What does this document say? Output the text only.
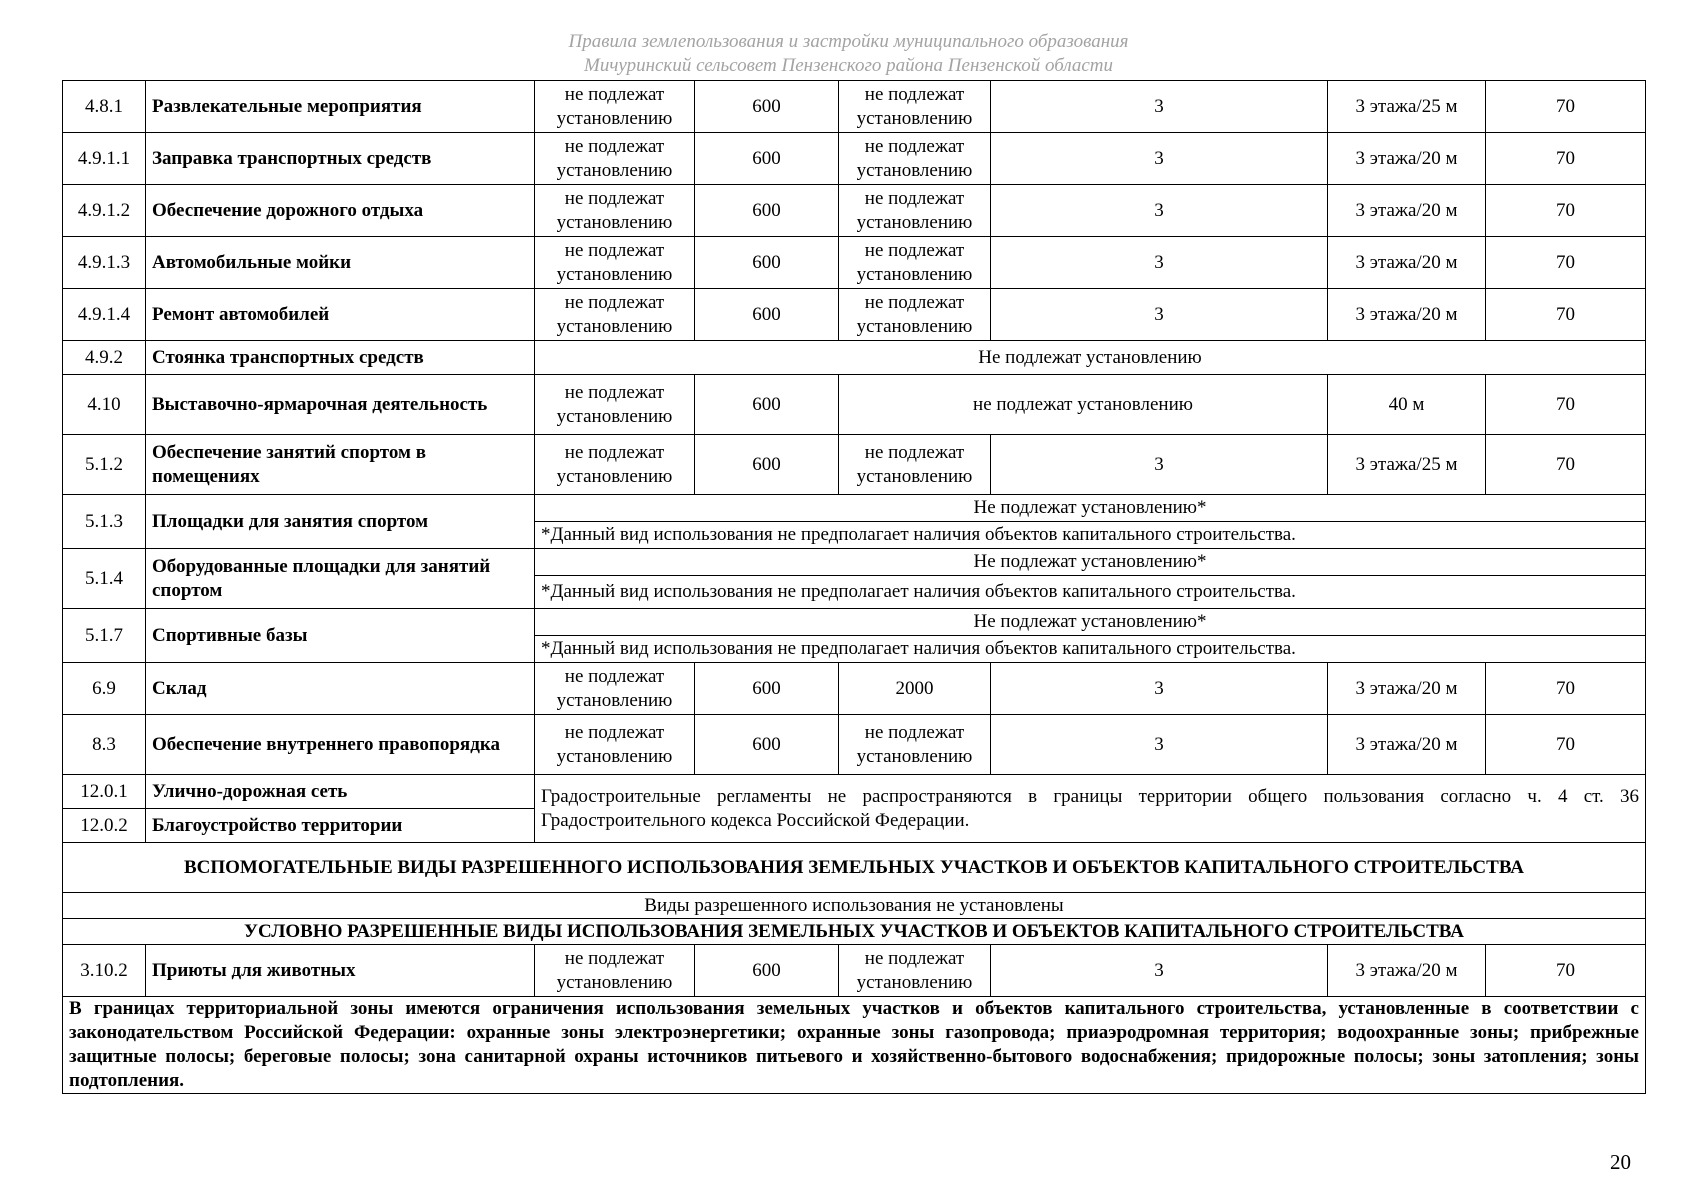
Правила землепользования и застройки муниципального образования
Мичуринский сельсовет Пензенского района Пензенской области
4.8.1	Развлекательные мероприятия	не подлежат установлению	600	не подлежат установлению	3	3 этажа/25 м	70
4.9.1.1	Заправка транспортных средств	не подлежат установлению	600	не подлежат установлению	3	3 этажа/20 м	70
4.9.1.2	Обеспечение дорожного отдыха	не подлежат установлению	600	не подлежат установлению	3	3 этажа/20 м	70
4.9.1.3	Автомобильные мойки	не подлежат установлению	600	не подлежат установлению	3	3 этажа/20 м	70
4.9.1.4	Ремонт автомобилей	не подлежат установлению	600	не подлежат установлению	3	3 этажа/20 м	70
4.9.2	Стоянка транспортных средств	Не подлежат установлению					
4.10	Выставочно-ярмарочная деятельность	не подлежат установлению	600	не подлежат установлению		40 м	70
5.1.2	Обеспечение занятий спортом в помещениях	не подлежат установлению	600	не подлежат установлению	3	3 этажа/25 м	70
5.1.3	Площадки для занятия спортом	Не подлежат установлению*					
		*Данный вид использования не предполагает наличия объектов капитального строительства.					
5.1.4	Оборудованные площадки для занятий спортом	Не подлежат установлению*					
		*Данный вид использования не предполагает наличия объектов капитального строительства.					
5.1.7	Спортивные базы	Не подлежат установлению*					
		*Данный вид использования не предполагает наличия объектов капитального строительства.					
6.9	Склад	не подлежат установлению	600	2000	3	3 этажа/20 м	70
8.3	Обеспечение внутреннего правопорядка	не подлежат установлению	600	не подлежат установлению	3	3 этажа/20 м	70
12.0.1	Улично-дорожная сеть	Градостроительные регламенты не распространяются в границы территории общего пользования согласно ч. 4 ст. 36 Градостроительного кодекса Российской Федерации.					
12.0.2	Благоустройство территории						
ВСПОМОГАТЕЛЬНЫЕ ВИДЫ РАЗРЕШЕННОГО ИСПОЛЬЗОВАНИЯ ЗЕМЕЛЬНЫХ УЧАСТКОВ И ОБЪЕКТОВ КАПИТАЛЬНОГО СТРОИТЕЛЬСТВА							
Виды разрешенного использования не установлены							
УСЛОВНО РАЗРЕШЕННЫЕ ВИДЫ ИСПОЛЬЗОВАНИЯ ЗЕМЕЛЬНЫХ УЧАСТКОВ И ОБЪЕКТОВ КАПИТАЛЬНОГО СТРОИТЕЛЬСТВА							
3.10.2	Приюты для животных	не подлежат установлению	600	не подлежат установлению	3	3 этажа/20 м	70
В границах территориальной зоны имеются ограничения использования земельных участков и объектов капитального строительства, установленные в соответствии с законодательством Российской Федерации: охранные зоны электроэнергетики; охранные зоны газопровода; приаэродромная территория; водоохранные зоны; прибрежные защитные полосы; береговые полосы; зона санитарной охраны источников питьевого и хозяйственно-бытового водоснабжения; придорожные полосы; зоны затопления; зоны подтопления.							
20
